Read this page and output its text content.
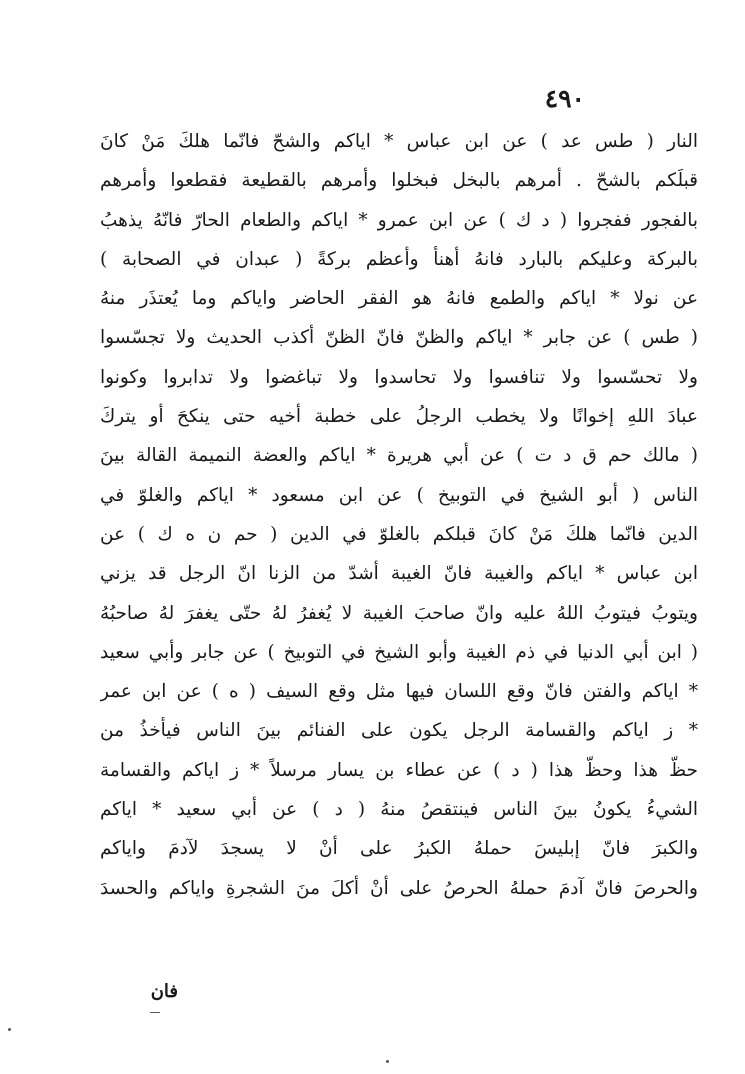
٤٩٠
النار ( طس عد ) عن ابن عباس * اياكم والشحّ فانّما هلكَ مَنْ كانَ
قبلَكم بالشحّ . أمرهم بالبخل فبخلوا وأمرهم بالقطيعة فقطعوا وأمرهم
بالفجور ففجروا ( د ك ) عن ابن عمرو * اياكم والطعام الحارّ فانّهُ يذهبُ
بالبركة وعليكم بالبارد فانهُ أهنأ وأعظم بركةً ( عبدان في الصحابة )
عن نولا * اياكم والطمع فانهُ هو الفقر الحاضر واياكم وما يُعتذَر منهُ
( طس ) عن جابر * اياكم والظنّ فانّ الظنّ أكذب الحديث ولا تجسّسوا
ولا تحسّسوا ولا تنافسوا ولا تحاسدوا ولا تباغضوا ولا تدابروا وكونوا
عبادَ اللهِ إخوانًا ولا يخطب الرجلُ على خطبة أخيه حتى ينكحَ أو يتركَ
( مالك حم ق د ت ) عن أبي هريرة * اياكم والعضة النميمة القالة بينَ
الناس ( أبو الشيخ في التوبيخ ) عن ابن مسعود * اياكم والغلوّ في
الدين فانّما هلكَ مَنْ كانَ قبلكم بالغلوّ في الدين ( حم ن ه ك ) عن
ابن عباس * اياكم والغيبة فانّ الغيبة أشدّ من الزنا انّ الرجل قد يزني
ويتوبُ فيتوبُ اللهُ عليه وانّ صاحبَ الغيبة لا يُغفرُ لهُ حتّى يغفرَ لهُ صاحبُهُ
( ابن أبي الدنيا في ذم الغيبة وأبو الشيخ في التوبيخ ) عن جابر وأبي سعيد
* اياكم والفتن فانّ وقع اللسان فيها مثل وقع السيف ( ه ) عن ابن عمر
* ز اياكم والقسامة الرجل يكون على الفنائم بينَ الناس فيأخذُ من
حظّ هذا وحظّ هذا ( د ) عن عطاء بن يسار مرسلاً * ز اياكم والقسامة
الشيءُ يكونُ بينَ الناس فينتقصُ منهُ ( د ) عن أبي سعيد * اياكم
والكبرَ فانّ إبليسَ حملهُ الكبرُ على أنْ لا يسجدَ لآدمَ واياكم
والحرصَ فانّ آدمَ حملهُ الحرصُ على أنْ أكلَ منَ الشجرةِ واياكم والحسدَ
فان
